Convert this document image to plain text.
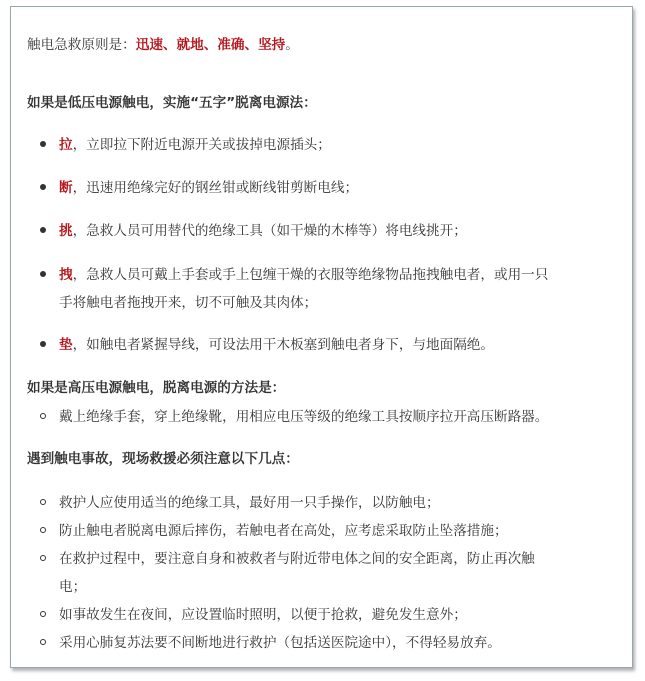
触电急救原则是：迅速、就地、准确、坚持。
如果是低压电源触电，实施“五字”脱离电源法：
拉，立即拉下附近电源开关或拔掉电源插头；
断，迅速用绝缘完好的钢丝钳或断线钳剪断电线；
挑，急救人员可用替代的绝缘工具（如干燥的木棒等）将电线挑开；
拽，急救人员可戴上手套或手上包缠干燥的衣服等绝缘物品拖拽触电者，或用一只
手将触电者拖拽开来，切不可触及其肉体；
垫，如触电者紧握导线，可设法用干木板塞到触电者身下，与地面隔绝。
如果是高压电源触电，脱离电源的方法是：
戴上绝缘手套，穿上绝缘靴，用相应电压等级的绝缘工具按顺序拉开高压断路器。
遇到触电事故，现场救援必须注意以下几点：
救护人应使用适当的绝缘工具，最好用一只手操作，以防触电；
防止触电者脱离电源后摔伤，若触电者在高处，应考虑采取防止坠落措施；
在救护过程中，要注意自身和被救者与附近带电体之间的安全距离，防止再次触
电；
如事故发生在夜间，应设置临时照明，以便于抢救，避免发生意外；
采用心肺复苏法要不间断地进行救护（包括送医院途中），不得轻易放弃。
